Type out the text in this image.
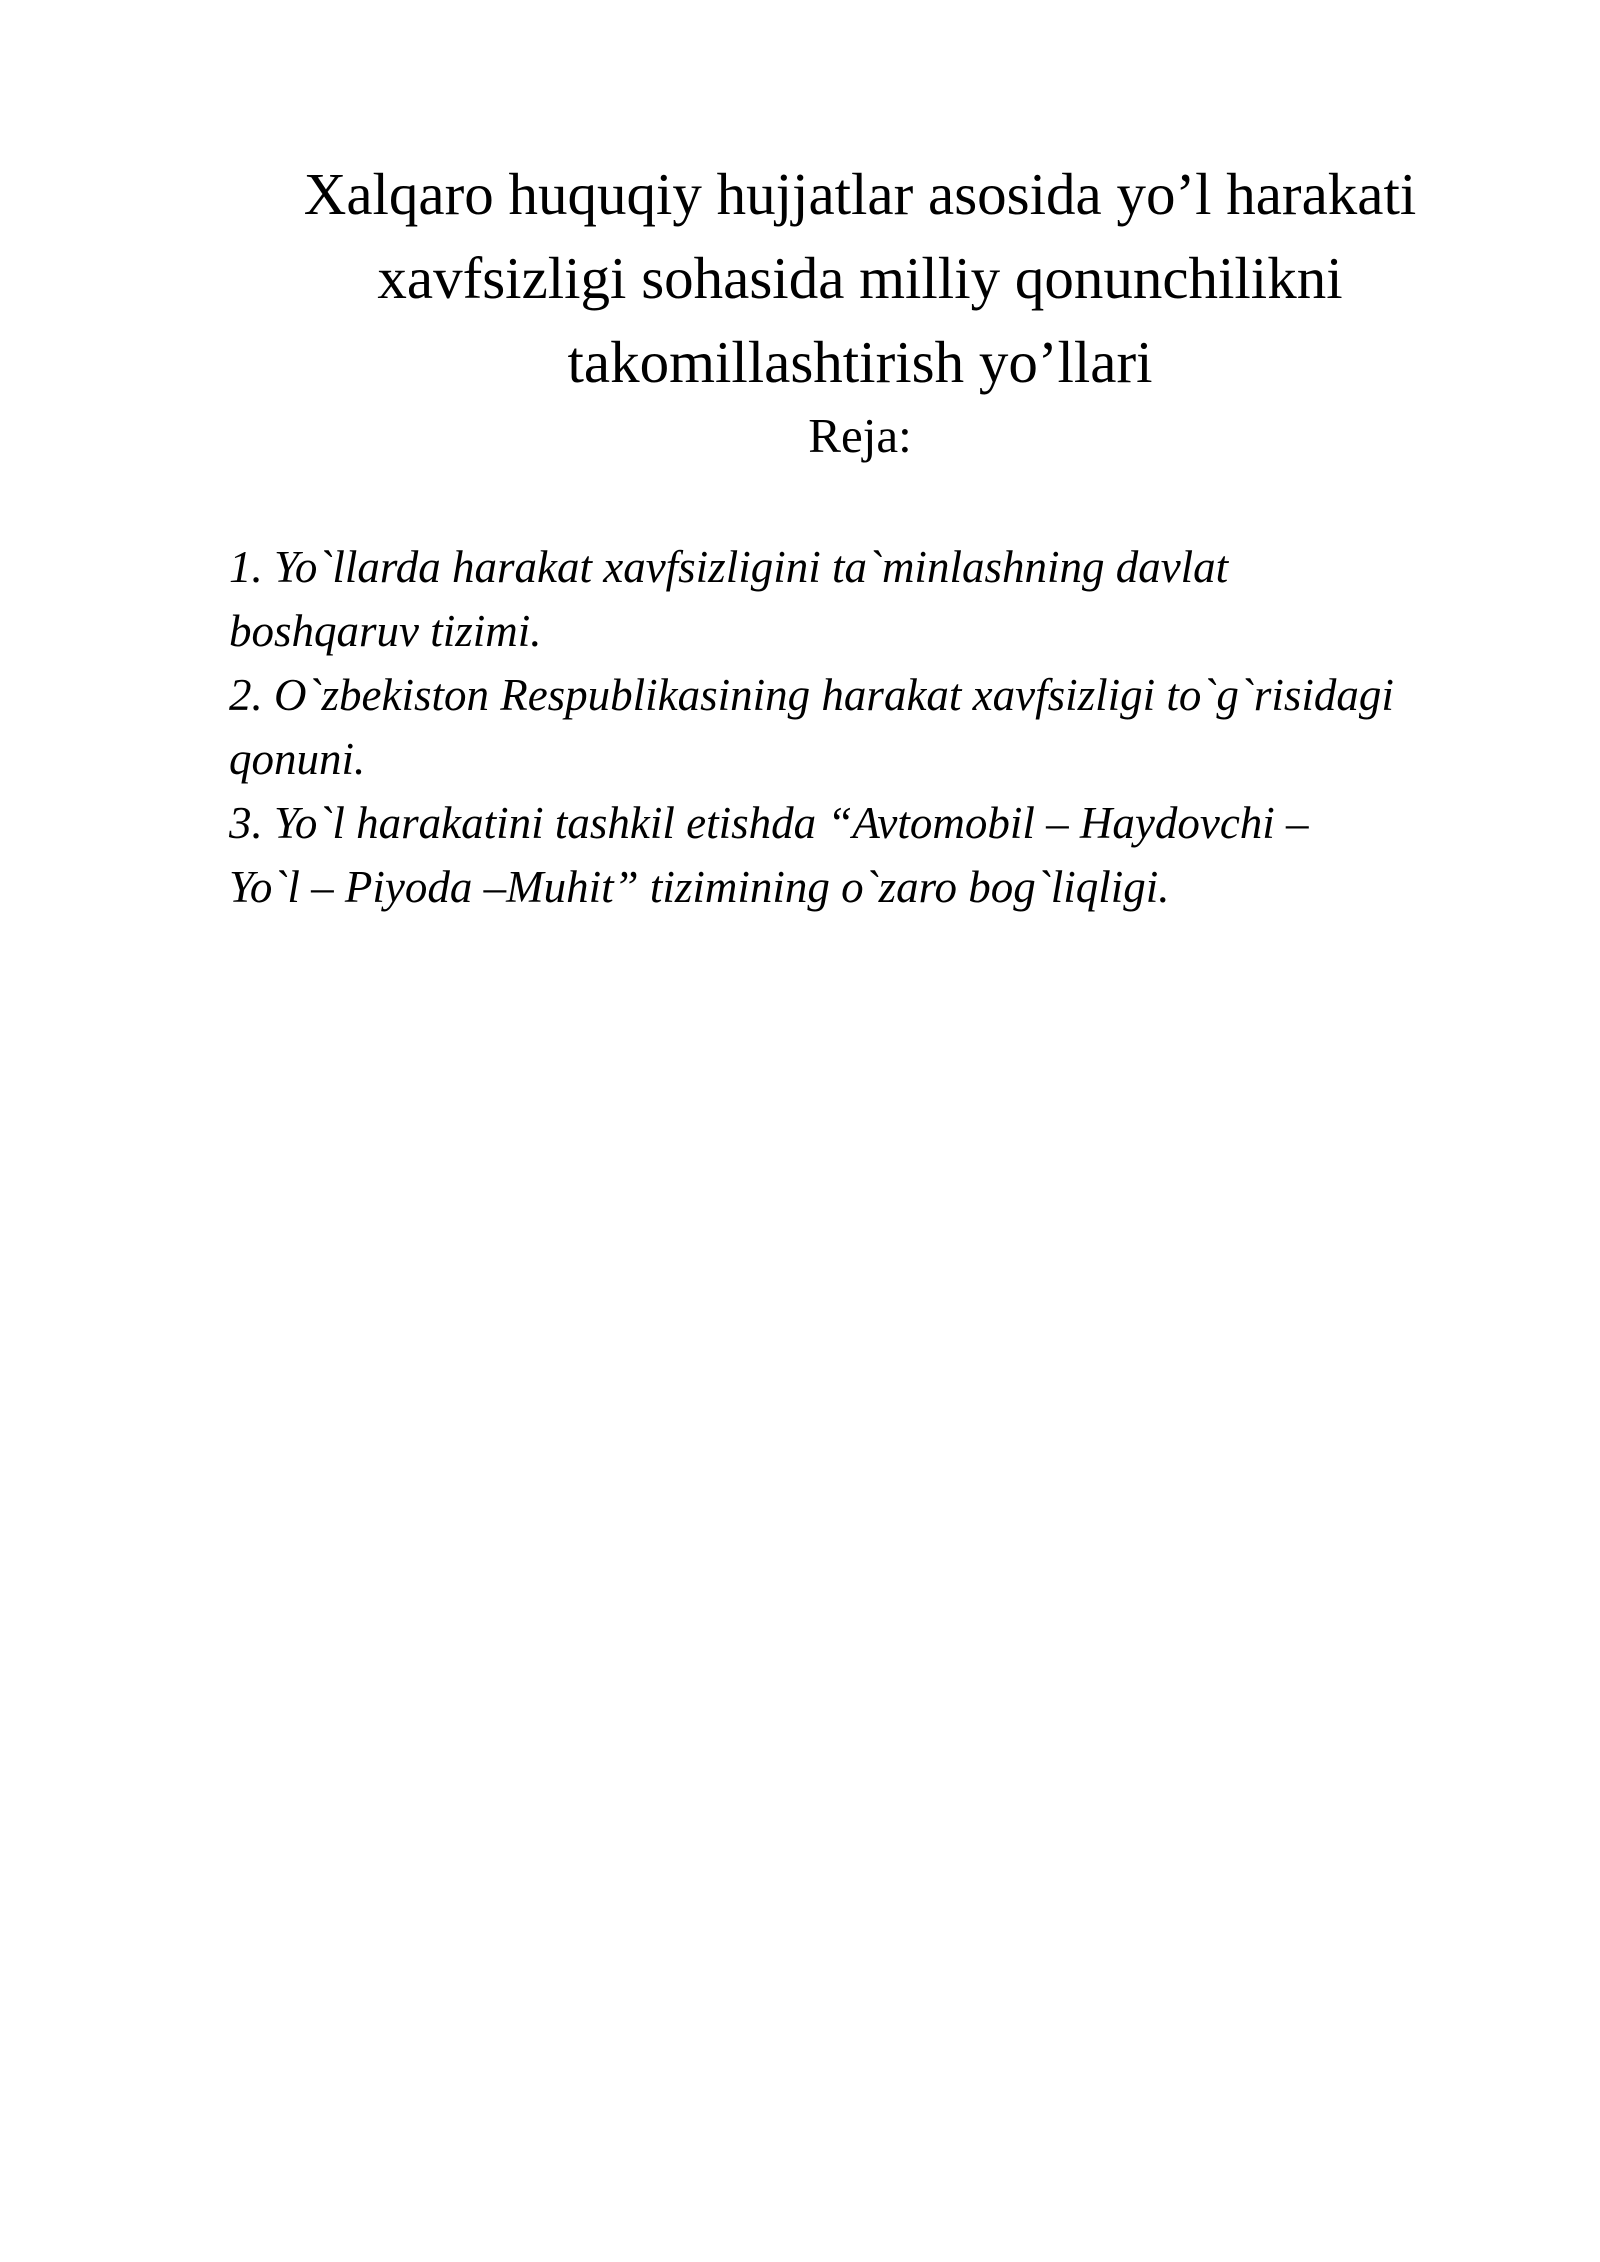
Xalqaro huquqiy hujjatlar asosida yo’l harakati
xavfsizligi sohasida milliy qonunchilikni
takomillashtirish yo’llari
Reja:
1. Yo`llarda harakat xavfsizligini ta`minlashning davlat
boshqaruv tizimi.
2. O`zbekiston Respublikasining harakat xavfsizligi to`g`risidagi
qonuni.
3. Yo`l harakatini tashkil etishda “Avtomobil – Haydovchi –
Yo`l – Piyoda –Muhit” tizimining o`zaro bog`liqligi.
